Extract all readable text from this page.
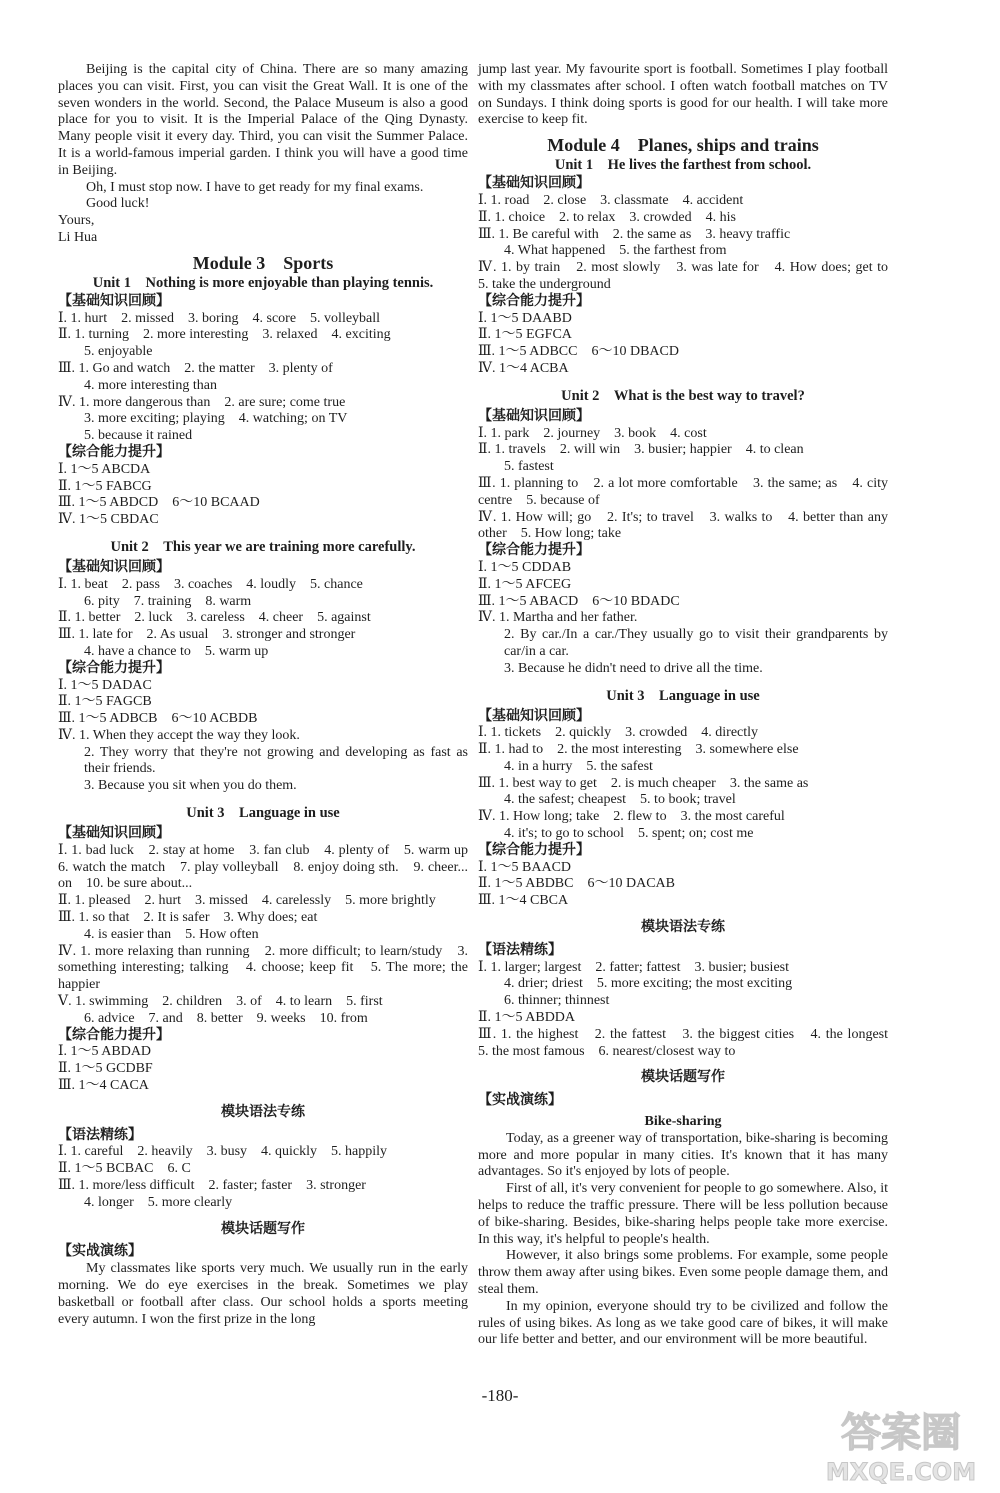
Beijing is the capital city of China. There are so many amazing places you can visit. First, you can visit the Great Wall. It is one of the seven wonders in the world. Second, the Palace Museum is also a good place for you to visit. It is the Imperial Palace of the Qing Dynasty. Many people visit it every day. Third, you can visit the Summer Palace. It is a world-famous imperial garden. I think you will have a good time in Beijing.

Oh, I must stop now. I have to get ready for my final exams.

Good luck!

Yours,

Li Hua

Module 3　Sports
Unit 1　Nothing is more enjoyable than playing tennis.
【基础知识回顾】
Ⅰ. 1. hurt　2. missed　3. boring　4. score　5. volleyball
Ⅱ. 1. turning　2. more interesting　3. relaxed　4. exciting
5. enjoyable
Ⅲ. 1. Go and watch　2. the matter　3. plenty of
4. more interesting than
Ⅳ. 1. more dangerous than　2. are sure; come true
3. more exciting; playing　4. watching; on TV
5. because it rained
【综合能力提升】
Ⅰ. 1～5 ABCDA
Ⅱ. 1～5 FABCG
Ⅲ. 1～5 ABDCD　6～10 BCAAD
Ⅳ. 1～5 CBDAC
Unit 2　This year we are training more carefully.
【基础知识回顾】
Ⅰ. 1. beat　2. pass　3. coaches　4. loudly　5. chance
6. pity　7. training　8. warm
Ⅱ. 1. better　2. luck　3. careless　4. cheer　5. against
Ⅲ. 1. late for　2. As usual　3. stronger and stronger
4. have a chance to　5. warm up
【综合能力提升】
Ⅰ. 1～5 DADAC
Ⅱ. 1～5 FAGCB
Ⅲ. 1～5 ADBCB　6～10 ACBDB
Ⅳ. 1. When they accept the way they look.
2. They worry that they're not growing and developing as fast as their friends.
3. Because you sit when you do them.
Unit 3　Language in use
【基础知识回顾】
Ⅰ. 1. bad luck　2. stay at home　3. fan club　4. plenty of　5. warm up　6. watch the match　7. play volleyball　8. enjoy doing sth.　9. cheer... on　10. be sure about...
Ⅱ. 1. pleased　2. hurt　3. missed　4. carelessly　5. more brightly
Ⅲ. 1. so that　2. It is safer　3. Why does; eat
4. is easier than　5. How often
Ⅳ. 1. more relaxing than running　2. more difficult; to learn/study　3. something interesting; talking　4. choose; keep fit　5. The more; the happier
Ⅴ. 1. swimming　2. children　3. of　4. to learn　5. first
6. advice　7. and　8. better　9. weeks　10. from
【综合能力提升】
Ⅰ. 1～5 ABDAD
Ⅱ. 1～5 GCDBF
Ⅲ. 1～4 CACA
模块语法专练
【语法精练】
Ⅰ. 1. careful　2. heavily　3. busy　4. quickly　5. happily
Ⅱ. 1～5 BCBAC　6. C
Ⅲ. 1. more/less difficult　2. faster; faster　3. stronger
4. longer　5. more clearly
模块话题写作
【实战演练】

My classmates like sports very much. We usually run in the early morning. We do eye exercises in the break. Sometimes we play basketball or football after class. Our school holds a sports meeting every autumn. I won the first prize in the long

jump last year. My favourite sport is football. Sometimes I play football with my classmates after school. I often watch football matches on TV on Sundays. I think doing sports is good for our health. I will take more exercise to keep fit.

Module 4　Planes, ships and trains
Unit 1　He lives the farthest from school.
【基础知识回顾】
Ⅰ. 1. road　2. close　3. classmate　4. accident
Ⅱ. 1. choice　2. to relax　3. crowded　4. his
Ⅲ. 1. Be careful with　2. the same as　3. heavy traffic
4. What happened　5. the farthest from
Ⅳ. 1. by train　2. most slowly　3. was late for　4. How does; get to　5. take the underground
【综合能力提升】
Ⅰ. 1～5 DAABD
Ⅱ. 1～5 EGFCA
Ⅲ. 1～5 ADBCC　6～10 DBACD
Ⅳ. 1～4 ACBA
Unit 2　What is the best way to travel?
【基础知识回顾】
Ⅰ. 1. park　2. journey　3. book　4. cost
Ⅱ. 1. travels　2. will win　3. busier; happier　4. to clean
5. fastest
Ⅲ. 1. planning to　2. a lot more comfortable　3. the same; as　4. city centre　5. because of
Ⅳ. 1. How will; go　2. It's; to travel　3. walks to　4. better than any other　5. How long; take
【综合能力提升】
Ⅰ. 1～5 CDDAB
Ⅱ. 1～5 AFCEG
Ⅲ. 1～5 ABACD　6～10 BDADC
Ⅳ. 1. Martha and her father.
2. By car./In a car./They usually go to visit their grandparents by car/in a car.
3. Because he didn't need to drive all the time.
Unit 3　Language in use
【基础知识回顾】
Ⅰ. 1. tickets　2. quickly　3. crowded　4. directly
Ⅱ. 1. had to　2. the most interesting　3. somewhere else
4. in a hurry　5. the safest
Ⅲ. 1. best way to get　2. is much cheaper　3. the same as
4. the safest; cheapest　5. to book; travel
Ⅳ. 1. How long; take　2. flew to　3. the most careful
4. it's; to go to school　5. spent; on; cost me
【综合能力提升】
Ⅰ. 1～5 BAACD
Ⅱ. 1～5 ABDBC　6～10 DACAB
Ⅲ. 1～4 CBCA
模块语法专练
【语法精练】
Ⅰ. 1. larger; largest　2. fatter; fattest　3. busier; busiest
4. drier; driest　5. more exciting; the most exciting
6. thinner; thinnest
Ⅱ. 1～5 ABDDA
Ⅲ. 1. the highest　2. the fattest　3. the biggest cities　4. the longest　5. the most famous　6. nearest/closest way to
模块话题写作
【实战演练】
Bike-sharing

Today, as a greener way of transportation, bike-sharing is becoming more and more popular in many cities. It's known that it has many advantages. So it's enjoyed by lots of people.

First of all, it's very convenient for people to go somewhere. Also, it helps to reduce the traffic pressure. There will be less pollution because of bike-sharing. Besides, bike-sharing helps people take more exercise. In this way, it's helpful to people's health.

However, it also brings some problems. For example, some people throw them away after using bikes. Even some people damage them, and steal them.

In my opinion, everyone should try to be civilized and follow the rules of using bikes. As long as we take good care of bikes, it will make our life better and better, and our environment will be more beautiful.

-180-
答案圈
MXQE.COM
